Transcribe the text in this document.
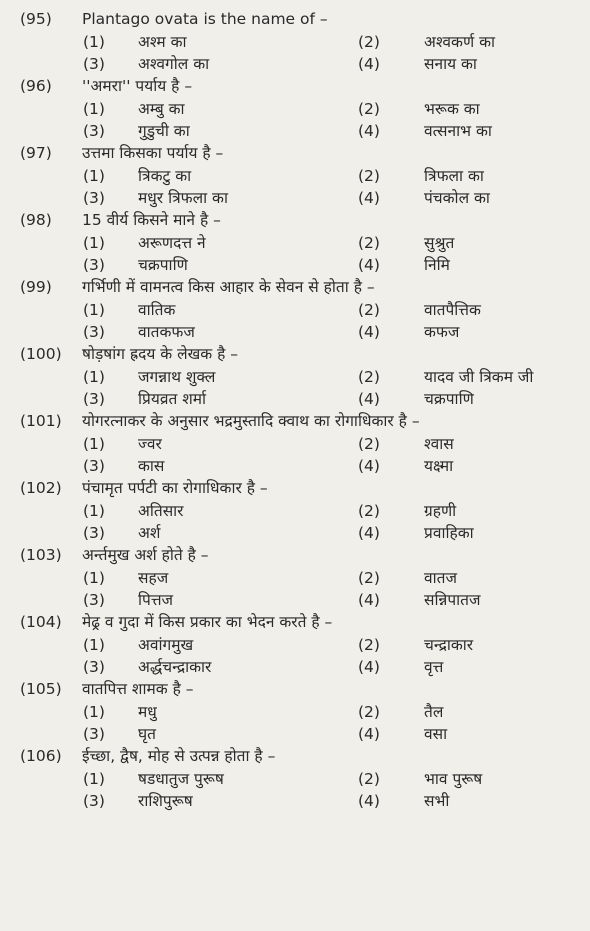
(95) Plantago ovata is the name of –
(1) अश्म का	(2)	अश्वकर्ण का
(3) अश्वगोल का	(4)	सनाय का
(96) ''अमरा'' पर्याय है –
(1) अम्बु का	(2)	भरूक का
(3) गुडुची का	(4)	वत्सनाभ का
(97) उत्तमा किसका पर्याय है –
(1) त्रिकटु का	(2)	त्रिफला का
(3) मधुर त्रिफला का	(4)	पंचकोल का
(98) 15 वीर्य किसने माने है –
(1) अरूणदत्त ने	(2)	सुश्रुत
(3) चक्रपाणि	(4)	निमि
(99) गर्भिणी में वामनत्व किस आहार के सेवन से होता है –
(1) वातिक	(2)	वातपैत्तिक
(3) वातकफज	(4)	कफज
(100) षोड़षांग ह्रदय के लेखक है –
(1) जगन्नाथ शुक्ल	(2)	यादव जी त्रिकम जी
(3) प्रियव्रत शर्मा	(4)	चक्रपाणि
(101) योगरत्नाकर के अनुसार भद्रमुस्तादि क्वाथ का रोगाधिकार है –
(1) ज्वर	(2)	श्वास
(3) कास	(4)	यक्ष्मा
(102) पंचामृत पर्पटी का रोगाधिकार है –
(1) अतिसार	(2)	ग्रहणी
(3) अर्श	(4)	प्रवाहिका
(103) अर्न्तमुख अर्श होते है –
(1) सहज	(2)	वातज
(3) पित्तज	(4)	सन्निपातज
(104) मेढ्र व गुदा में किस प्रकार का भेदन करते है –
(1) अवांगमुख	(2)	चन्द्राकार
(3) अर्द्धचन्द्राकार	(4)	वृत्त
(105) वातपित्त शामक है –
(1) मधु	(2)	तैल
(3) घृत	(4)	वसा
(106) ईच्छा, द्वैष, मोह से उत्पन्न होता है –
(1) षडधातुज पुरूष	(2)	भाव पुरूष
(3) राशिपुरूष	(4)	सभी
